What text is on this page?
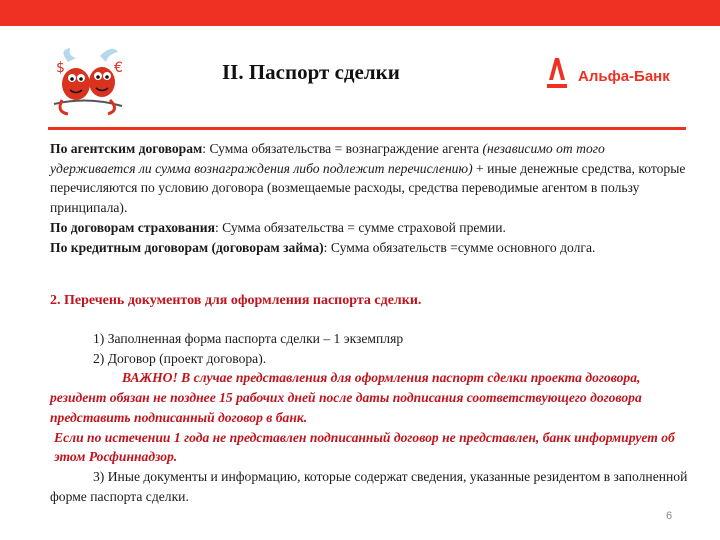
$	€	II. Паспорт сделки	Альфа-Банк

По агентским договорам: Сумма обязательства = вознаграждение агента (независимо от того удерживается ли сумма вознаграждения либо подлежит перечислению) + иные денежные средства, которые перечисляются по условию договора (возмещаемые расходы, средства переводимые агентом в пользу принципала).

По договорам страхования: Сумма обязательства = сумме страховой премии.

По кредитным договорам (договорам займа): Сумма обязательств =сумме основного долга.

2. Перечень документов для оформления паспорта сделки.

1) Заполненная форма паспорта сделки – 1 экземпляр

2) Договор (проект договора).

ВАЖНО! В случае представления для оформления паспорт сделки проекта договора, резидент обязан не позднее 15 рабочих дней после даты подписания соответствующего договора представить подписанный договор в банк.

Если по истечении 1 года не представлен подписанный договор не представлен, банк информирует об этом Росфиннадзор.

3) Иные документы и информацию, которые содержат сведения, указанные резидентом в заполненной форме паспорта сделки.

6
